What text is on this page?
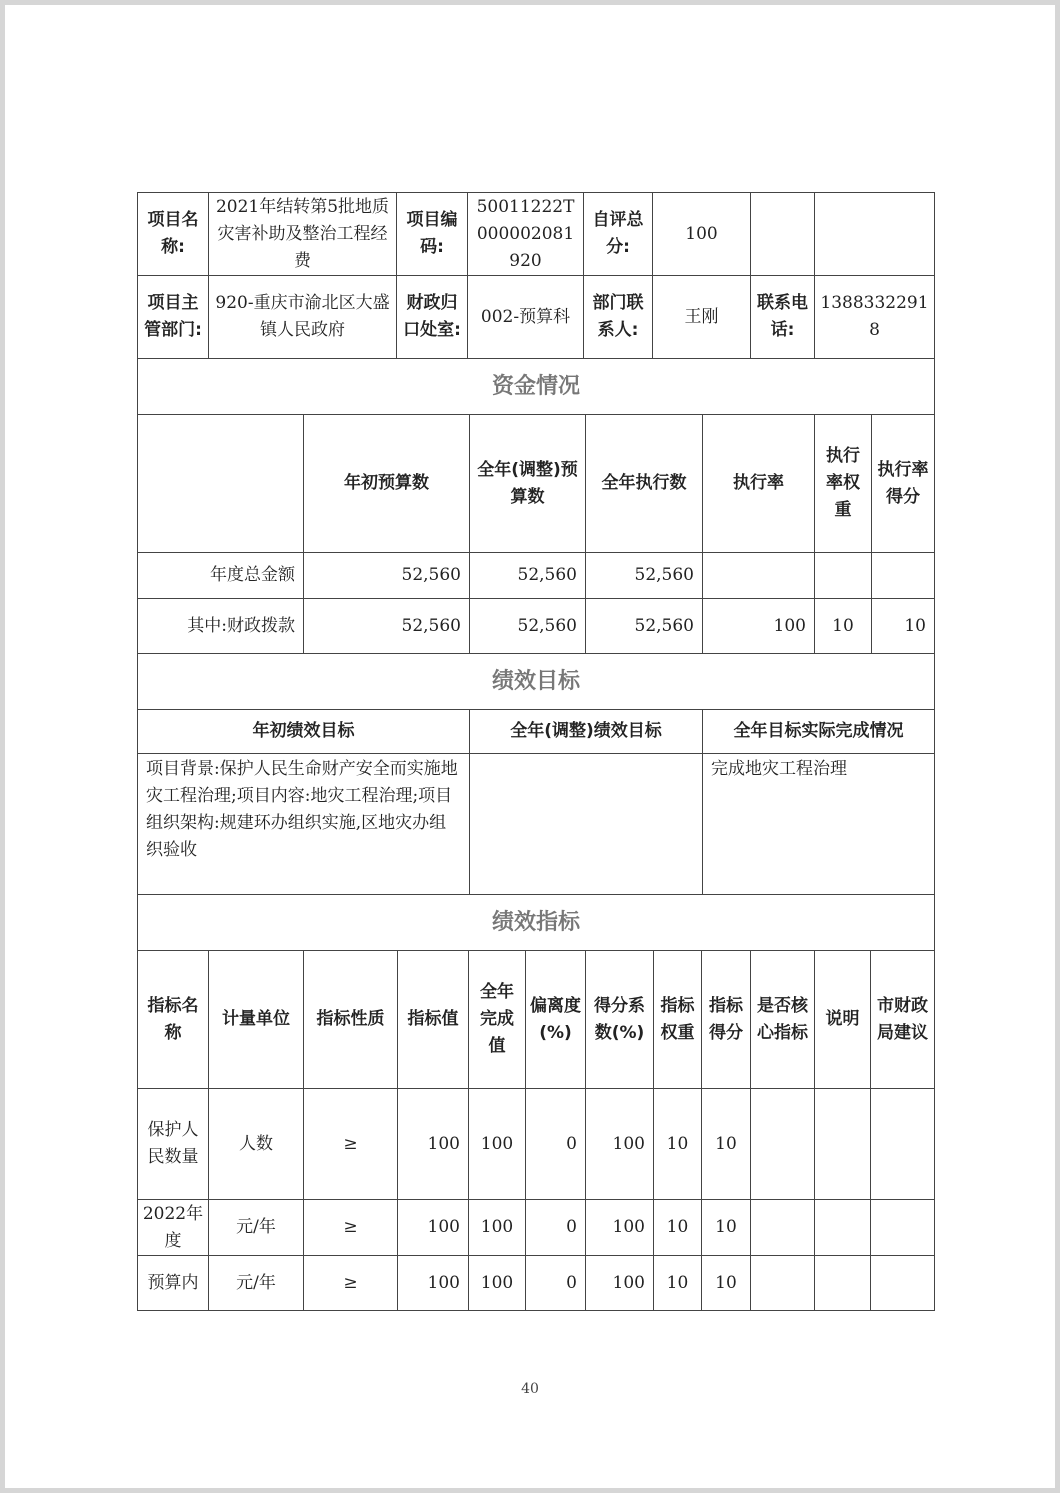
项目名称:	2021年结转第5批地质灾害补助及整治工程经费	项目编码:	50011222T000002081920	自评总分:	100		
项目主管部门:	920-重庆市渝北区大盛镇人民政府	财政归口处室:	002-预算科	部门联系人:	王刚	联系电话:	13883322918
资金情况						
	年初预算数	全年(调整)预算数	全年执行数	执行率	执行率权重	执行率得分
年度总金额	52,560	52,560	52,560			
其中:财政拨款	52,560	52,560	52,560	100	10	10
绩效目标		
年初绩效目标	全年(调整)绩效目标	全年目标实际完成情况
项目背景:保护人民生命财产安全而实施地灾工程治理;项目内容:地灾工程治理;项目组织架构:规建环办组织实施,区地灾办组织验收		完成地灾工程治理
绩效指标											
指标名称	计量单位	指标性质	指标值	全年完成值	偏离度(%)	得分系数(%)	指标权重	指标得分	是否核心指标	说明	市财政局建议
保护人民数量	人数	≥	100	100	0	100	10	10			
2022年度	元/年	≥	100	100	0	100	10	10			
预算内	元/年	≥	100	100	0	100	10	10			
40
